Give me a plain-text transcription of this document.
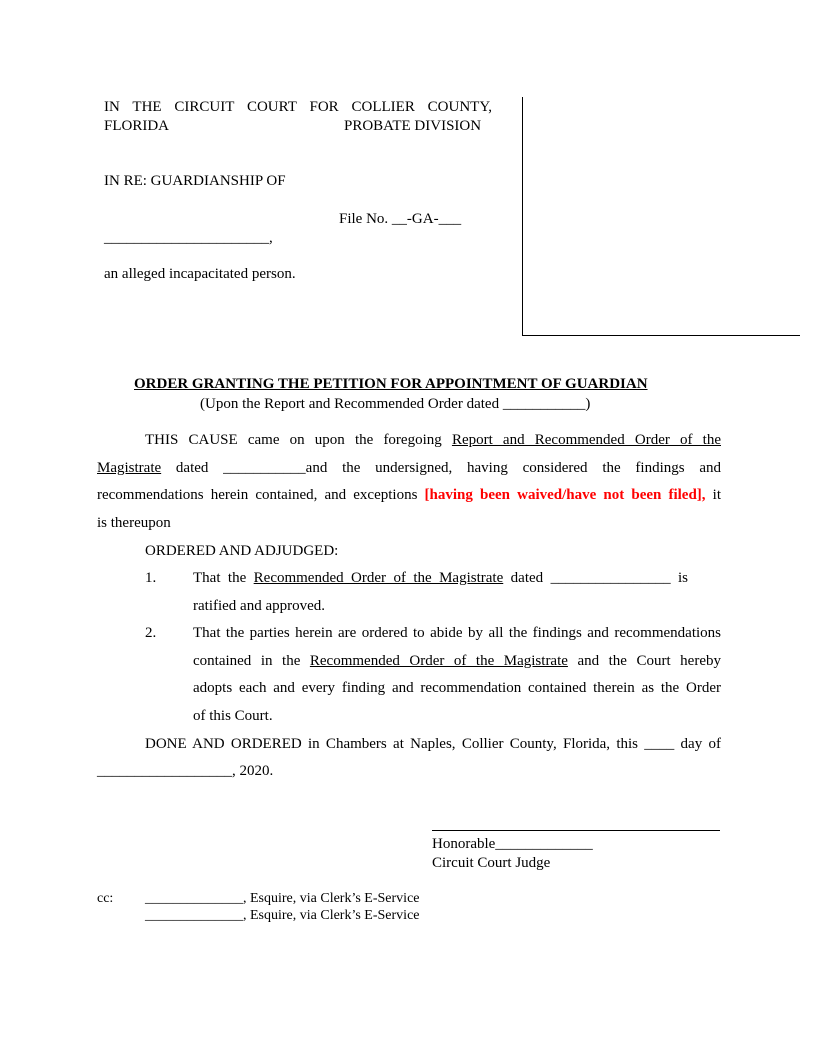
IN THE CIRCUIT COURT FOR COLLIER COUNTY,
FLORIDA	PROBATE DIVISION
IN RE: GUARDIANSHIP OF
File No. __-GA-___
______________________,
an alleged incapacitated person.
ORDER GRANTING THE PETITION FOR APPOINTMENT OF GUARDIAN
(Upon the Report and Recommended Order dated ___________)
THIS CAUSE came on upon the foregoing Report and Recommended Order of the
Magistrate dated ___________and the undersigned, having considered the findings and
recommendations herein contained, and exceptions [having been waived/have not been filed], it
is thereupon
ORDERED AND ADJUDGED:
1. That the Recommended Order of the Magistrate dated ________________ is
ratified and approved.
2. That the parties herein are ordered to abide by all the findings and recommendations
contained in the Recommended Order of the Magistrate and the Court hereby
adopts each and every finding and recommendation contained therein as the Order
of this Court.
DONE AND ORDERED in Chambers at Naples, Collier County, Florida, this ____ day of
__________________, 2020.
Honorable_____________
Circuit Court Judge
cc: ______________, Esquire, via Clerk’s E-Service
______________, Esquire, via Clerk’s E-Service
